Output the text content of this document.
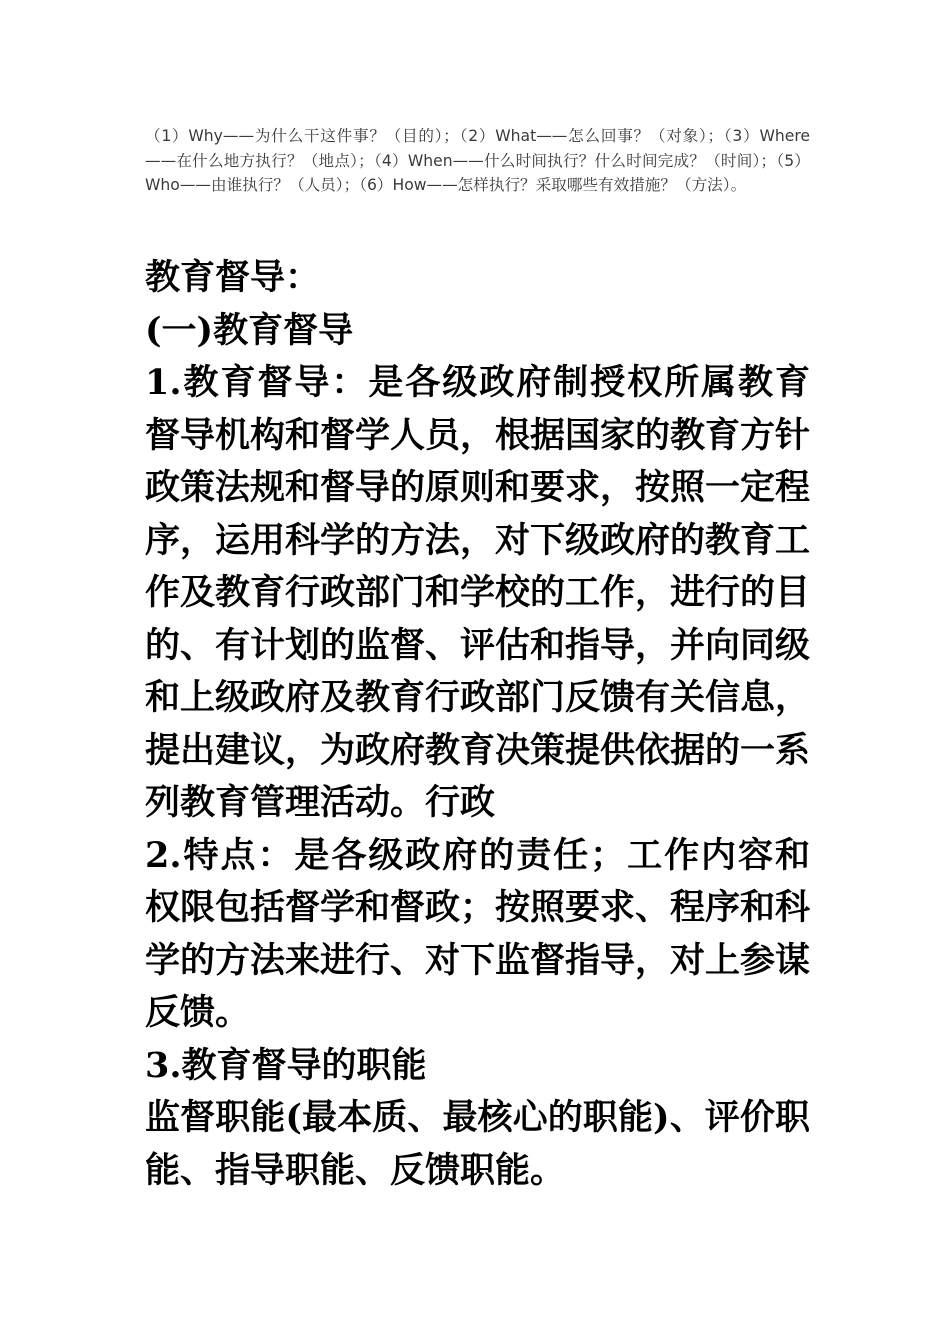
（1）Why——为什么干这件事？（目的）；（2）What——怎么回事？（对象）；（3）Where——在什么地方执行？（地点）；（4）When——什么时间执行？什么时间完成？（时间）；（5）Who——由谁执行？（人员）；（6）How——怎样执行？采取哪些有效措施？（方法）。

教育督导：

(一)教育督导

1.教育督导：是各级政府制授权所属教育督导机构和督学人员，根据国家的教育方针政策法规和督导的原则和要求，按照一定程序，运用科学的方法，对下级政府的教育工作及教育行政部门和学校的工作，进行的目的、有计划的监督、评估和指导，并向同级和上级政府及教育行政部门反馈有关信息，提出建议，为政府教育决策提供依据的一系列教育管理活动。行政

2.特点：是各级政府的责任；工作内容和权限包括督学和督政；按照要求、程序和科学的方法来进行、对下监督指导，对上参谋反馈。

3.教育督导的职能

监督职能(最本质、最核心的职能)、评价职能、指导职能、反馈职能。
